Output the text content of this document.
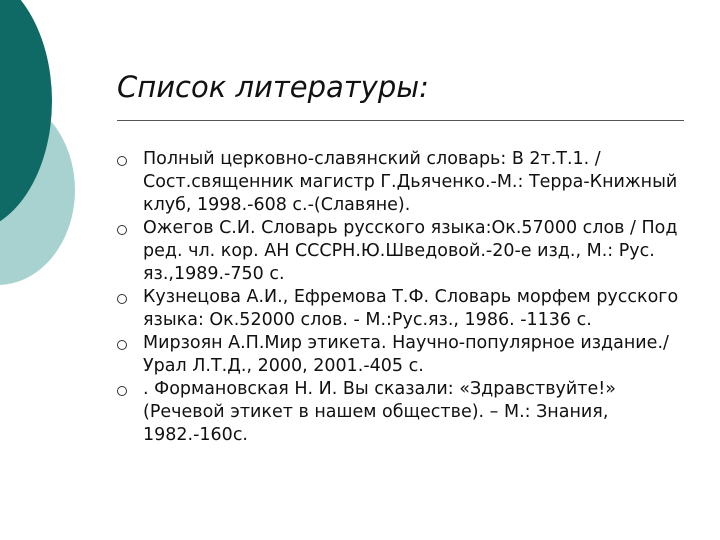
Список литературы:
Полный церковно-славянский словарь: В 2т.Т.1. /Сост.священник магистр Г.Дьяченко.-М.: Терра-Книжный клуб, 1998.-608 с.-(Славяне).
Ожегов С.И. Словарь русского языка:Ок.57000 слов / Под ред. чл. кор. АН СССРН.Ю.Шведовой.-20-е изд., М.: Рус. яз.,1989.-750 с.
Кузнецова А.И., Ефремова Т.Ф. Словарь морфем русского языка: Ок.52000 слов. - М.:Рус.яз., 1986. -1136 с.
Мирзоян А.П.Мир этикета. Научно-популярное издание./Урал Л.Т.Д., 2000, 2001.-405 с.
. Формановская Н. И. Вы сказали: «Здравствуйте!» (Речевой этикет в нашем обществе). – М.: Знания, 1982.-160с.
